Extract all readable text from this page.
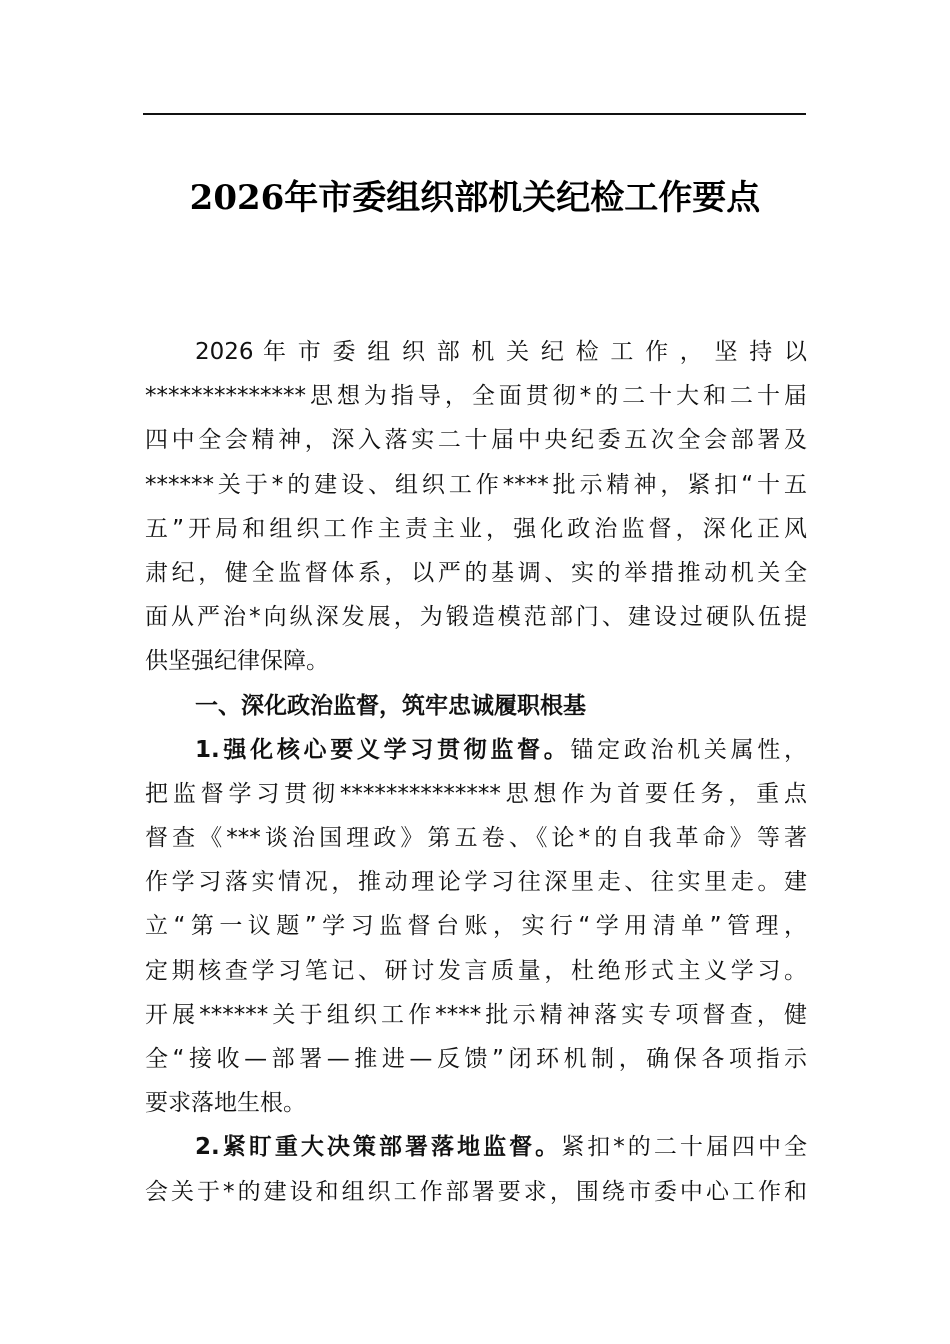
2026年市委组织部机关纪检工作要点
2026 年 市 委 组 织 部 机 关 纪 检 工 作 ， 坚 持 以
**************思想为指导，全面贯彻*的二十大和二十届
四中全会精神，深入落实二十届中央纪委五次全会部署及
******关于*的建设、组织工作****批示精神，紧扣“十五
五”开局和组织工作主责主业，强化政治监督，深化正风
肃纪，健全监督体系，以严的基调、实的举措推动机关全
面从严治*向纵深发展，为锻造模范部门、建设过硬队伍提
供坚强纪律保障。
一、深化政治监督，筑牢忠诚履职根基
1.强化核心要义学习贯彻监督。锚定政治机关属性，
把监督学习贯彻**************思想作为首要任务，重点
督查《***谈治国理政》第五卷、《论*的自我革命》等著
作学习落实情况，推动理论学习往深里走、往实里走。建
立“第一议题”学习监督台账，实行“学用清单”管理，
定期核查学习笔记、研讨发言质量，杜绝形式主义学习。
开展******关于组织工作****批示精神落实专项督查，健
全“接收—部署—推进—反馈”闭环机制，确保各项指示
要求落地生根。
2.紧盯重大决策部署落地监督。紧扣*的二十届四中全
会关于*的建设和组织工作部署要求，围绕市委中心工作和
